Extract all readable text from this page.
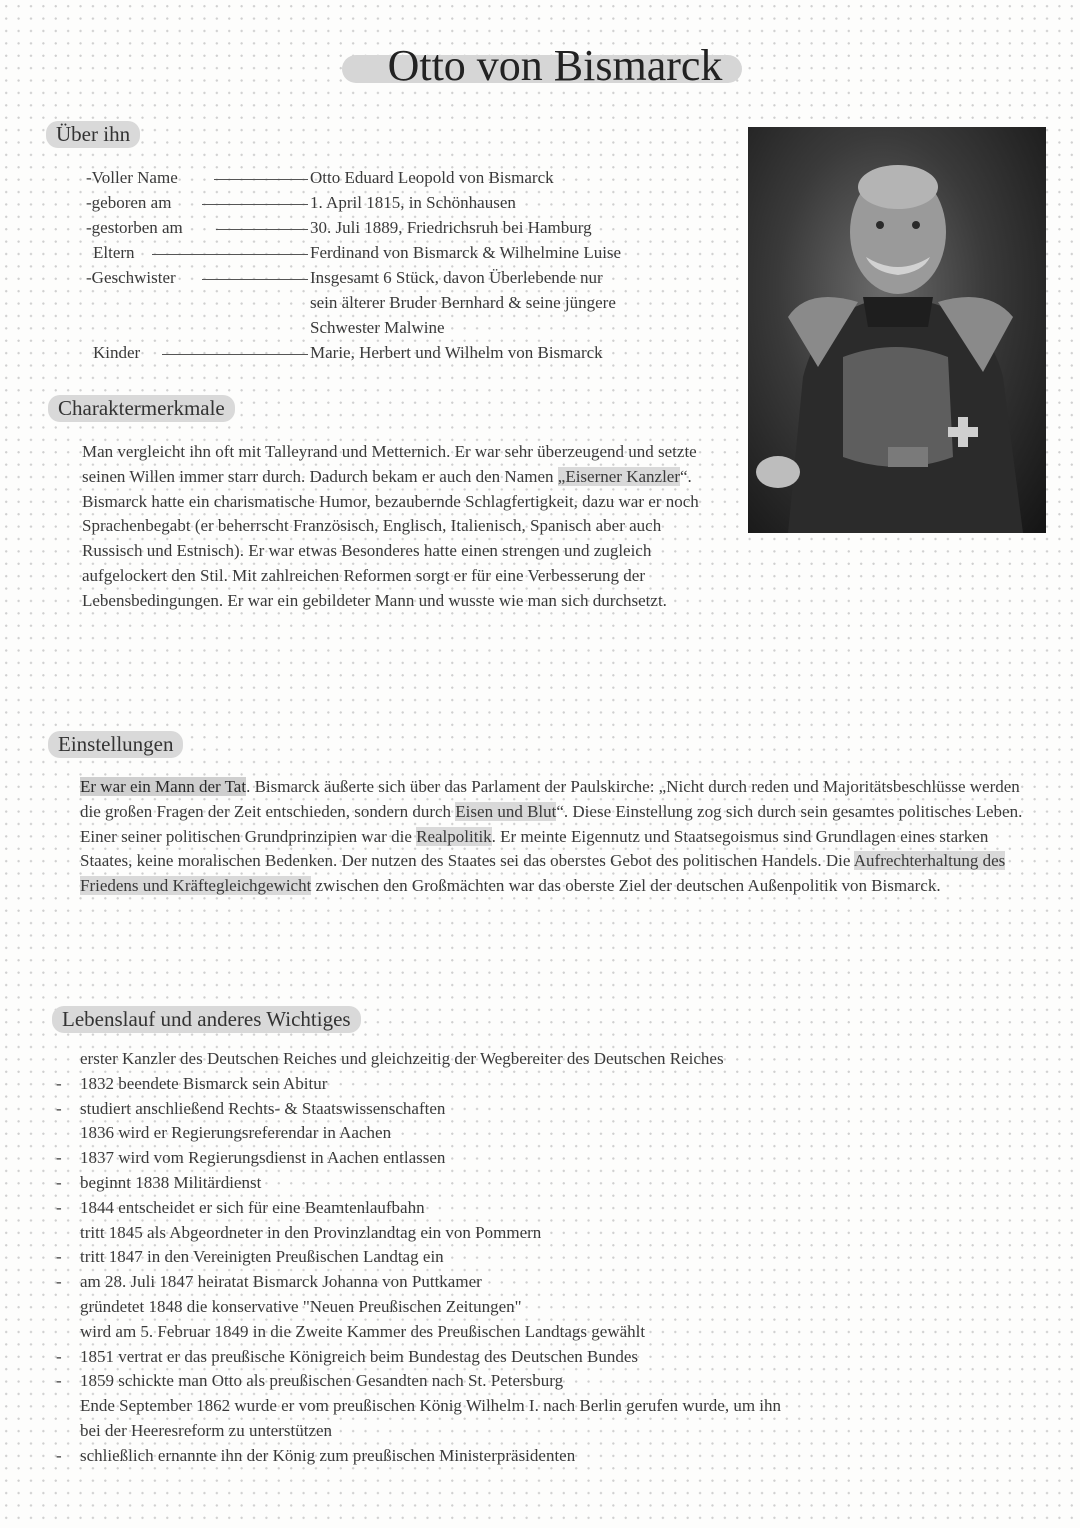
Otto von Bismarck
Über ihn
-Voller Name	Otto Eduard Leopold von Bismarck
-geboren am	1. April 1815, in Schönhausen
-gestorben am	30. Juli 1889, Friedrichsruh bei Hamburg
Eltern	Ferdinand von Bismarck & Wilhelmine Luise
-Geschwister	Insgesamt 6 Stück, davon Überlebende nur
sein älterer Bruder Bernhard & seine jüngere
Schwester Malwine
Kinder	Marie, Herbert und Wilhelm von Bismarck
Charaktermerkmale

Man vergleicht ihn oft mit Talleyrand und Metternich. Er war sehr überzeugend und setzte seinen Willen immer starr durch. Dadurch bekam er auch den Namen „Eiserner Kanzler“. Bismarck hatte ein charismatische Humor, bezaubernde Schlagfertigkeit, dazu war er noch Sprachenbegabt (er beherrscht Französisch, Englisch, Italienisch, Spanisch aber auch Russisch und Estnisch). Er war etwas Besonderes hatte einen strengen und zugleich aufgelockert den Stil. Mit zahlreichen Reformen sorgt er für eine Verbesserung der Lebensbedingungen. Er war ein gebildeter Mann und wusste wie man sich durchsetzt.

Einstellungen

Er war ein Mann der Tat. Bismarck äußerte sich über das Parlament der Paulskirche: „Nicht durch reden und Majoritätsbeschlüsse werden die großen Fragen der Zeit entschieden, sondern durch Eisen und Blut“. Diese Einstellung zog sich durch sein gesamtes politisches Leben. Einer seiner politischen Grundprinzipien war die Realpolitik. Er meinte Eigennutz und Staatsegoismus sind Grundlagen eines starken Staates, keine moralischen Bedenken. Der nutzen des Staates sei das oberstes Gebot des politischen Handels. Die Aufrechterhaltung des Friedens und Kräftegleichgewicht zwischen den Großmächten war das oberste Ziel der deutschen Außenpolitik von Bismarck.

Lebenslauf und anderes Wichtiges
erster Kanzler des Deutschen Reiches und gleichzeitig der Wegbereiter des Deutschen Reiches
-	1832 beendete Bismarck sein Abitur
-	studiert anschließend Rechts- & Staatswissenschaften
1836 wird er Regierungsreferendar in Aachen
-	1837 wird vom Regierungsdienst in Aachen entlassen
-	beginnt 1838 Militärdienst
-	1844 entscheidet er sich für eine Beamtenlaufbahn
tritt 1845 als Abgeordneter in den Provinzlandtag ein von Pommern
-	tritt 1847 in den Vereinigten Preußischen Landtag ein
-	am 28. Juli 1847 heiratat Bismarck Johanna von Puttkamer
gründetet 1848 die konservative "Neuen Preußischen Zeitungen"
wird am 5. Februar 1849 in die Zweite Kammer des Preußischen Landtags gewählt
-	1851 vertrat er das preußische Königreich beim Bundestag des Deutschen Bundes
-	1859 schickte man Otto als preußischen Gesandten nach St. Petersburg
Ende September 1862 wurde er vom preußischen König Wilhelm I. nach Berlin gerufen wurde, um ihn
bei der Heeresreform zu unterstützen
-	schließlich ernannte ihn der König zum preußischen Ministerpräsidenten
